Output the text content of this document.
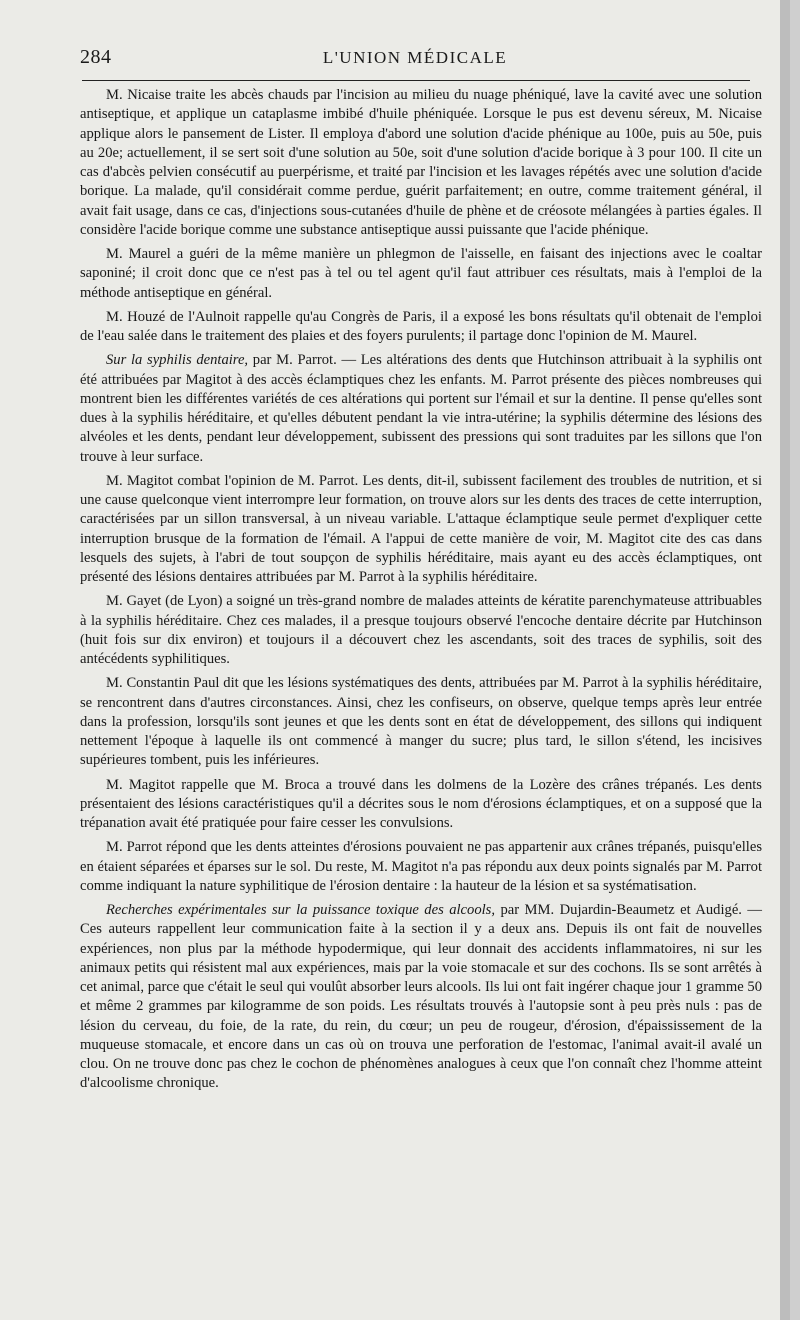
284	L'UNION MÉDICALE

M. Nicaise traite les abcès chauds par l'incision au milieu du nuage phéniqué, lave la cavité avec une solution antiseptique, et applique un cataplasme imbibé d'huile phéniquée. Lorsque le pus est devenu séreux, M. Nicaise applique alors le pansement de Lister. Il employa d'abord une solution d'acide phénique au 100e, puis au 50e, puis au 20e; actuellement, il se sert soit d'une solution au 50e, soit d'une solution d'acide borique à 3 pour 100. Il cite un cas d'abcès pelvien consécutif au puerpérisme, et traité par l'incision et les lavages répétés avec une solution d'acide borique. La malade, qu'il considérait comme perdue, guérit parfaitement; en outre, comme traitement général, il avait fait usage, dans ce cas, d'injections sous-cutanées d'huile de phène et de créosote mélangées à parties égales. Il considère l'acide borique comme une substance antiseptique aussi puissante que l'acide phénique.

M. Maurel a guéri de la même manière un phlegmon de l'aisselle, en faisant des injections avec le coaltar saponiné; il croit donc que ce n'est pas à tel ou tel agent qu'il faut attribuer ces résultats, mais à l'emploi de la méthode antiseptique en général.

M. Houzé de l'Aulnoit rappelle qu'au Congrès de Paris, il a exposé les bons résultats qu'il obtenait de l'emploi de l'eau salée dans le traitement des plaies et des foyers purulents; il partage donc l'opinion de M. Maurel.

Sur la syphilis dentaire, par M. Parrot. — Les altérations des dents que Hutchinson attribuait à la syphilis ont été attribuées par Magitot à des accès éclamptiques chez les enfants. M. Parrot présente des pièces nombreuses qui montrent bien les différentes variétés de ces altérations qui portent sur l'émail et sur la dentine. Il pense qu'elles sont dues à la syphilis héréditaire, et qu'elles débutent pendant la vie intra-utérine; la syphilis détermine des lésions des alvéoles et les dents, pendant leur développement, subissent des pressions qui sont traduites par les sillons que l'on trouve à leur surface.

M. Magitot combat l'opinion de M. Parrot. Les dents, dit-il, subissent facilement des troubles de nutrition, et si une cause quelconque vient interrompre leur formation, on trouve alors sur les dents des traces de cette interruption, caractérisées par un sillon transversal, à un niveau variable. L'attaque éclamptique seule permet d'expliquer cette interruption brusque de la formation de l'émail. A l'appui de cette manière de voir, M. Magitot cite des cas dans lesquels des sujets, à l'abri de tout soupçon de syphilis héréditaire, mais ayant eu des accès éclamptiques, ont présenté des lésions dentaires attribuées par M. Parrot à la syphilis héréditaire.

M. Gayet (de Lyon) a soigné un très-grand nombre de malades atteints de kératite parenchymateuse attribuables à la syphilis héréditaire. Chez ces malades, il a presque toujours observé l'encoche dentaire décrite par Hutchinson (huit fois sur dix environ) et toujours il a découvert chez les ascendants, soit des traces de syphilis, soit des antécédents syphilitiques.

M. Constantin Paul dit que les lésions systématiques des dents, attribuées par M. Parrot à la syphilis héréditaire, se rencontrent dans d'autres circonstances. Ainsi, chez les confiseurs, on observe, quelque temps après leur entrée dans la profession, lorsqu'ils sont jeunes et que les dents sont en état de développement, des sillons qui indiquent nettement l'époque à laquelle ils ont commencé à manger du sucre; plus tard, le sillon s'étend, les incisives supérieures tombent, puis les inférieures.

M. Magitot rappelle que M. Broca a trouvé dans les dolmens de la Lozère des crânes trépanés. Les dents présentaient des lésions caractéristiques qu'il a décrites sous le nom d'érosions éclamptiques, et on a supposé que la trépanation avait été pratiquée pour faire cesser les convulsions.

M. Parrot répond que les dents atteintes d'érosions pouvaient ne pas appartenir aux crânes trépanés, puisqu'elles en étaient séparées et éparses sur le sol. Du reste, M. Magitot n'a pas répondu aux deux points signalés par M. Parrot comme indiquant la nature syphilitique de l'érosion dentaire : la hauteur de la lésion et sa systématisation.

Recherches expérimentales sur la puissance toxique des alcools, par MM. Dujardin-Beaumetz et Audigé. — Ces auteurs rappellent leur communication faite à la section il y a deux ans. Depuis ils ont fait de nouvelles expériences, non plus par la méthode hypodermique, qui leur donnait des accidents inflammatoires, ni sur les animaux petits qui résistent mal aux expériences, mais par la voie stomacale et sur des cochons. Ils se sont arrêtés à cet animal, parce que c'était le seul qui voulût absorber leurs alcools. Ils lui ont fait ingérer chaque jour 1 gramme 50 et même 2 grammes par kilogramme de son poids. Les résultats trouvés à l'autopsie sont à peu près nuls : pas de lésion du cerveau, du foie, de la rate, du rein, du cœur; un peu de rougeur, d'érosion, d'épaississement de la muqueuse stomacale, et encore dans un cas où on trouva une perforation de l'estomac, l'animal avait-il avalé un clou. On ne trouve donc pas chez le cochon de phénomènes analogues à ceux que l'on connaît chez l'homme atteint d'alcoolisme chronique.
